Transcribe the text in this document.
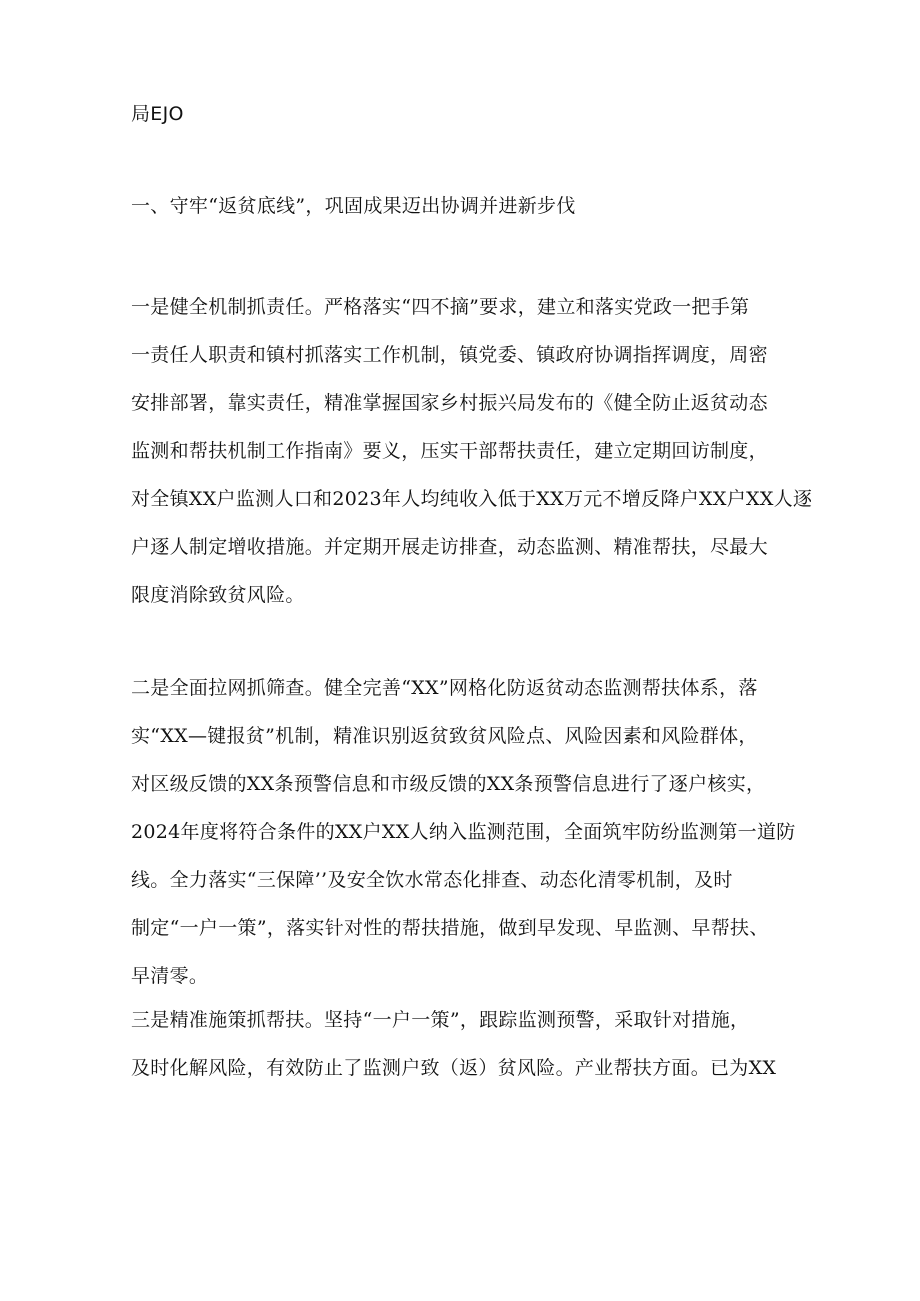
局EJO

一、守牢“返贫底线”，巩固成果迈出协调并进新步伐

一是健全机制抓责任。严格落实“四不摘”要求，建立和落实党政一把手第
一责任人职责和镇村抓落实工作机制，镇党委、镇政府协调指挥调度，周密
安排部署，靠实责任，精准掌握国家乡村振兴局发布的《健全防止返贫动态
监测和帮扶机制工作指南》要义，压实干部帮扶责任，建立定期回访制度，
对全镇XX户监测人口和2023年人均纯收入低于XX万元不增反降户XX户XX人逐
户逐人制定增收措施。并定期开展走访排查，动态监测、精准帮扶，尽最大
限度消除致贫风险。

二是全面拉网抓筛查。健全完善“XX”网格化防返贫动态监测帮扶体系，落
实“XX—键报贫”机制，精准识别返贫致贫风险点、风险因素和风险群体，
对区级反馈的XX条预警信息和市级反馈的XX条预警信息进行了逐户核实，
2024年度将符合条件的XX户XX人纳入监测范围，全面筑牢防纷监测第一道防
线。全力落实“三保障’’及安全饮水常态化排查、动态化清零机制，及时
制定“一户一策”，落实针对性的帮扶措施，做到早发现、早监测、早帮扶、
早清零。

三是精准施策抓帮扶。坚持“一户一策”，跟踪监测预警，采取针对措施，
及时化解风险，有效防止了监测户致（返）贫风险。产业帮扶方面。已为XX
